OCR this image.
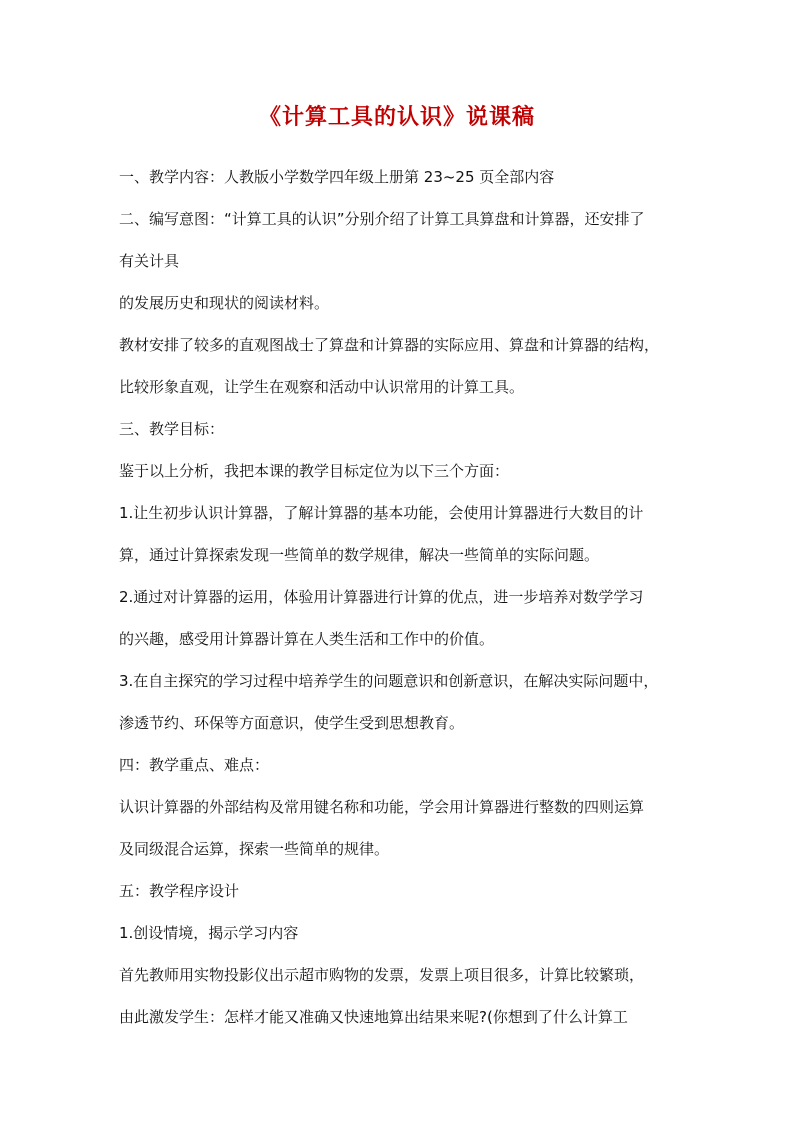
《计算工具的认识》说课稿
一、教学内容：人教版小学数学四年级上册第 23~25 页全部内容
二、编写意图：“计算工具的认识”分别介绍了计算工具算盘和计算器，还安排了
有关计具
的发展历史和现状的阅读材料。
教材安排了较多的直观图战士了算盘和计算器的实际应用、算盘和计算器的结构，
比较形象直观，让学生在观察和活动中认识常用的计算工具。
三、教学目标：
鉴于以上分析，我把本课的教学目标定位为以下三个方面：
1.让生初步认识计算器，了解计算器的基本功能，会使用计算器进行大数目的计
算，通过计算探索发现一些简单的数学规律，解决一些简单的实际问题。
2.通过对计算器的运用，体验用计算器进行计算的优点，进一步培养对数学学习
的兴趣，感受用计算器计算在人类生活和工作中的价值。
3.在自主探究的学习过程中培养学生的问题意识和创新意识，在解决实际问题中，
渗透节约、环保等方面意识，使学生受到思想教育。
四：教学重点、难点：
认识计算器的外部结构及常用键名称和功能，学会用计算器进行整数的四则运算
及同级混合运算，探索一些简单的规律。
五：教学程序设计
1.创设情境，揭示学习内容
首先教师用实物投影仪出示超市购物的发票，发票上项目很多，计算比较繁琐，
由此激发学生：怎样才能又准确又快速地算出结果来呢?(你想到了什么计算工
